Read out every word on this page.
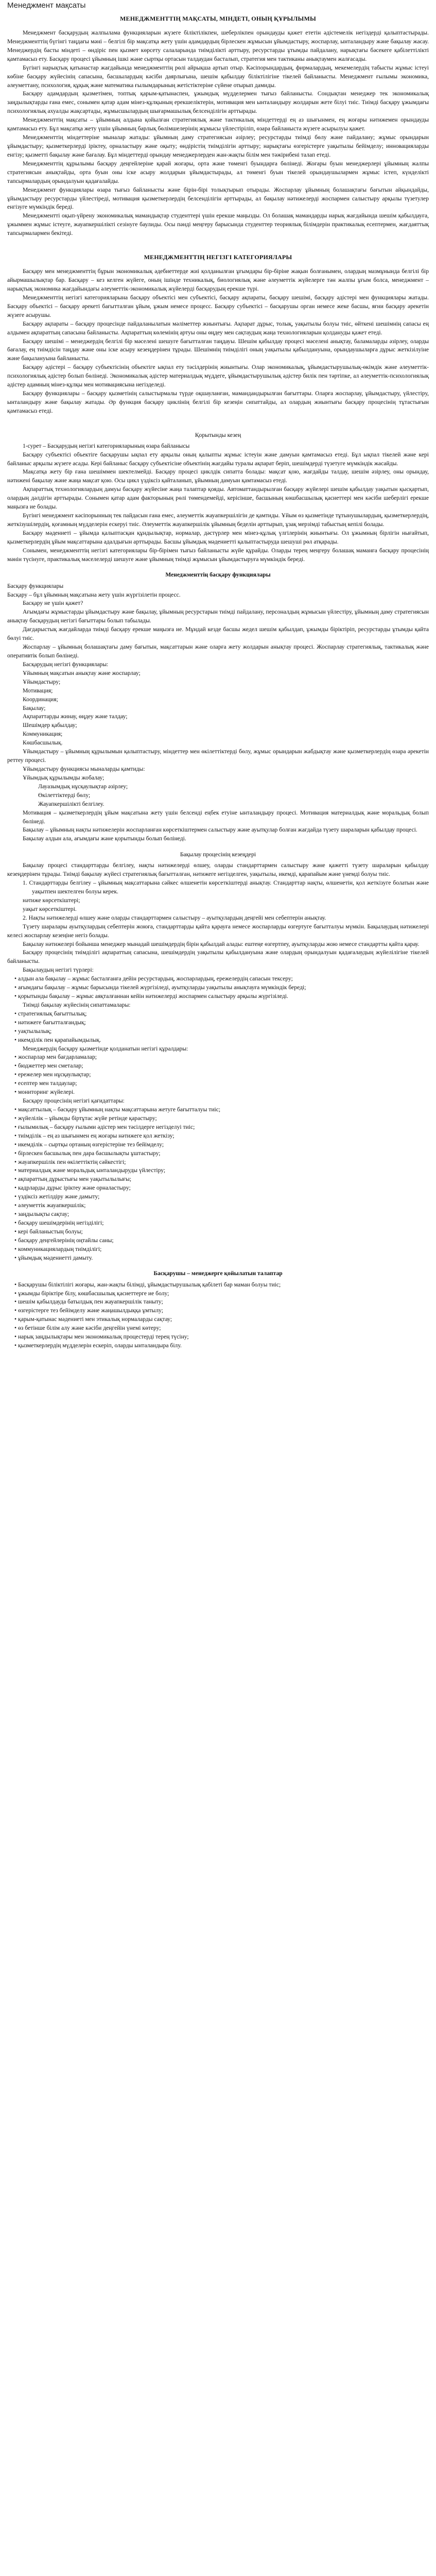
Менеджмент мақсаты
МЕНЕДЖМЕНТТІҢ МАҚСАТЫ, МІНДЕТІ, ОНЫҢ ҚҰРЫЛЫМЫ

Менеджмент басқарудың жалпылама функцияларын жүзеге біліктілікпен, шеберлікпен орындауды қажет ететін әдістемелік негіздерді қалыптастырады. Менеджменттің бүгінгі таңдағы мәні – белгілі бір мақсатқа жету үшін адамдардың бірлескен жұмысын ұйымдастыру, жоспарлау, ынталандыру және бақылау жасау. Менеджердің басты міндеті – өндіріс пен қызмет көрсету салаларында тиімділікті арттыру, ресурстарды ұтымды пайдалану, нарықтағы бәсекеге қабілеттілікті қамтамасыз ету. Басқару процесі ұйымның ішкі және сыртқы ортасын талдаудан басталып, стратегия мен тактиканы анықтаумен жалғасады.

Бүгінгі нарықтық қатынастар жағдайында менеджменттің рөлі айрықша артып отыр. Кәсіпорындардың, фирмалардың, мекемелердің табысты жұмыс істеуі көбіне басқару жүйесінің сапасына, басшылардың кәсіби даярлығына, шешім қабылдау біліктілігіне тікелей байланысты. Менеджмент ғылымы экономика, әлеуметтану, психология, құқық және математика ғылымдарының жетістіктеріне сүйене отырып дамиды.

Басқару адамдардың қызметімен, топтық қарым-қатынаспен, ұжымдық мүдделермен тығыз байланысты. Сондықтан менеджер тек экономикалық заңдылықтарды ғана емес, сонымен қатар адам мінез-құлқының ерекшеліктерін, мотивация мен ынталандыру жолдарын жете білуі тиіс. Тиімді басқару ұжымдағы психологиялық ахуалды жақсартады, жұмысшылардың шығармашылық белсенділігін арттырады.

Менеджменттің мақсаты – ұйымның алдына қойылған стратегиялық және тактикалық міндеттерді ең аз шығынмен, ең жоғары нәтижемен орындауды қамтамасыз ету. Бұл мақсатқа жету үшін ұйымның барлық бөлімшелерінің жұмысы үйлестіріліп, өзара байланыста жүзеге асырылуы қажет.

Менеджменттің міндеттеріне мыналар жатады: ұйымның даму стратегиясын әзірлеу; ресурстарды тиімді бөлу және пайдалану; жұмыс орындарын ұйымдастыру; қызметкерлерді іріктеу, орналастыру және оқыту; өндірістің тиімділігін арттыру; нарықтағы өзгерістерге уақытылы бейімделу; инновацияларды енгізу; қызметті бақылау және бағалау. Бұл міндеттерді орындау менеджерлерден жан-жақты білім мен тәжірибені талап етеді.

Менеджменттің құрылымы басқару деңгейлеріне қарай жоғары, орта және төменгі буындарға бөлінеді. Жоғары буын менеджерлері ұйымның жалпы стратегиясын анықтайды, орта буын оны іске асыру жолдарын ұйымдастырады, ал төменгі буын тікелей орындаушылармен жұмыс істеп, күнделікті тапсырмалардың орындалуын қадағалайды.

Менеджмент функциялары өзара тығыз байланысты және бірін-бірі толықтырып отырады. Жоспарлау ұйымның болашақтағы бағытын айқындайды, ұйымдастыру ресурстарды үйлестіреді, мотивация қызметкерлердің белсенділігін арттырады, ал бақылау нәтижелерді жоспармен салыстыру арқылы түзетулер енгізуге мүмкіндік береді.

Менеджментті оқып-үйрену экономикалық мамандықтар студенттері үшін ерекше маңызды. Ол болашақ мамандарды нарық жағдайында шешім қабылдауға, ұжыммен жұмыс істеуге, жауапкершілікті сезінуге баулиды. Осы пәнді меңгеру барысында студенттер теориялық білімдерін практикалық есептермен, жағдаяттық тапсырмалармен бекітеді.

МЕНЕДЖМЕНТТІҢ НЕГІЗГІ КАТЕГОРИЯЛАРЫ

Басқару мен менеджменттің бұрын экономикалық әдебиеттерде жиі қолданылған ұғымдары бір-біріне жақын болғанымен, олардың мазмұнында белгілі бір айырмашылықтар бар. Басқару – кез келген жүйеге, оның ішінде техникалық, биологиялық және әлеуметтік жүйелерге тән жалпы ұғым болса, менеджмент – нарықтық экономика жағдайындағы әлеуметтік-экономикалық жүйелерді басқарудың ерекше түрі.

Менеджменттің негізгі категорияларына басқару объектісі мен субъектісі, басқару ақпараты, басқару шешімі, басқару әдістері мен функциялары жатады. Басқару объектісі – басқару әрекеті бағытталған ұйым, ұжым немесе процесс. Басқару субъектісі – басқарушы орган немесе жеке басшы, яғни басқару әрекетін жүзеге асырушы.

Басқару ақпараты – басқару процесінде пайдаланылатын мәліметтер жиынтығы. Ақпарат дұрыс, толық, уақытылы болуы тиіс, өйткені шешімнің сапасы ең алдымен ақпараттың сапасына байланысты. Ақпараттың көлемінің артуы оны өңдеу мен сақтаудың жаңа технологияларын қолдануды қажет етеді.

Басқару шешімі – менеджердің белгілі бір мәселені шешуге бағытталған таңдауы. Шешім қабылдау процесі мәселені анықтау, баламаларды әзірлеу, оларды бағалау, ең тиімдісін таңдау және оны іске асыру кезеңдерінен тұрады. Шешімнің тиімділігі оның уақытылы қабылдануына, орындаушыларға дұрыс жеткізілуіне және бақылануына байланысты.

Басқару әдістері – басқару субъектісінің объектіге ықпал ету тәсілдерінің жиынтығы. Олар экономикалық, ұйымдастырушылық-өкімдік және әлеуметтік-психологиялық әдістер болып бөлінеді. Экономикалық әдістер материалдық мүддеге, ұйымдастырушылық әдістер билік пен тәртіпке, ал әлеуметтік-психологиялық әдістер адамның мінез-құлқы мен мотивациясына негізделеді.

Басқару функциялары – басқару қызметінің салыстырмалы түрде оқшауланған, мамандандырылған бағыттары. Оларға жоспарлау, ұйымдастыру, үйлестіру, ынталандыру және бақылау жатады. Әр функция басқару циклінің белгілі бір кезеңін сипаттайды, ал олардың жиынтығы басқару процесінің тұтастығын қамтамасыз етеді.

Қорытынды кезең

1-сурет – Басқарудың негізгі категорияларының өзара байланысы

Басқару субъектісі объектіге басқарушы ықпал ету арқылы оның қалыпты жұмыс істеуін және дамуын қамтамасыз етеді. Бұл ықпал тікелей және кері байланыс арқылы жүзеге асады. Кері байланыс басқару субъектісіне объектінің жағдайы туралы ақпарат беріп, шешімдерді түзетуге мүмкіндік жасайды.

Мақсатқа жету бір ғана шешіммен шектелмейді. Басқару процесі циклдік сипатта болады: мақсат қою, жағдайды талдау, шешім әзірлеу, оны орындау, нәтижені бақылау және жаңа мақсат қою. Осы цикл үздіксіз қайталанып, ұйымның дамуын қамтамасыз етеді.

Ақпараттық технологиялардың дамуы басқару жүйесіне жаңа талаптар қояды. Автоматтандырылған басқару жүйелері шешім қабылдау уақытын қысқартып, олардың дәлдігін арттырады. Сонымен қатар адам факторының рөлі төмендемейді, керісінше, басшының көшбасшылық қасиеттері мен кәсіби шеберлігі ерекше маңызға ие болады.

Бүгінгі менеджмент кәсіпорынның тек пайдасын ғана емес, әлеуметтік жауапкершілігін де қамтиды. Ұйым өз қызметінде тұтынушылардың, қызметкерлердің, жеткізушілердің, қоғамның мүдделерін ескеруі тиіс. Әлеуметтік жауапкершілік ұйымның беделін арттырып, ұзақ мерзімді табыстың кепілі болады.

Басқару мәдениеті – ұйымда қалыптасқан құндылықтар, нормалар, дәстүрлер мен мінез-құлық үлгілерінің жиынтығы. Ол ұжымның бірлігін нығайтып, қызметкерлердің ұйым мақсаттарына адалдығын арттырады. Басшы ұйымдық мәдениетті қалыптастыруда шешуші рөл атқарады.

Сонымен, менеджменттің негізгі категориялары бір-бірімен тығыз байланысты жүйе құрайды. Оларды терең меңгеру болашақ маманға басқару процесінің мәнін түсінуге, практикалық мәселелерді шешуге және ұйымның тиімді жұмысын ұйымдастыруға мүмкіндік береді.

Менеджменттің басқару функциялары

Басқару функциялары

Басқару – бұл ұйымның мақсатына жету үшін жүргізілетін процесс.

Басқару не үшін қажет?

Ағымдағы жұмыстарды ұйымдастыру және бақылау, ұйымның ресурстарын тиімді пайдалану, персоналдың жұмысын үйлестіру, ұйымның даму стратегиясын анықтау басқарудың негізгі бағыттары болып табылады.

Дағдарыстық жағдайларда тиімді басқару ерекше маңызға ие. Мұндай кезде басшы жедел шешім қабылдап, ұжымды біріктіріп, ресурстарды ұтымды қайта бөлуі тиіс.

Жоспарлау – ұйымның болашақтағы даму бағытын, мақсаттарын және оларға жету жолдарын анықтау процесі. Жоспарлау стратегиялық, тактикалық және оперативтік болып бөлінеді.

Басқарудың негізгі функциялары:

Ұйымның мақсатын анықтау және жоспарлау;

Ұйымдастыру;

Мотивация;

Координация;

Бақылау;

Ақпараттарды жинау, өңдеу және талдау;

Шешімдер қабылдау;

Коммуникация;

Көшбасшылық.

Ұйымдастыру – ұйымның құрылымын қалыптастыру, міндеттер мен өкілеттіктерді бөлу, жұмыс орындарын жабдықтау және қызметкерлердің өзара әрекетін реттеу процесі.

Ұйымдастыру функциясы мыналарды қамтиды:

Ұйымдық құрылымды жобалау;

Лауазымдық нұсқаулықтар әзірлеу;

Өкілеттіктерді бөлу;

Жауапкершілікті белгілеу.

Мотивация – қызметкерлердің ұйым мақсатына жету үшін белсенді еңбек етуіне ынталандыру процесі. Мотивация материалдық және моральдық болып бөлінеді.

Бақылау – ұйымның нақты нәтижелерін жоспарланған көрсеткіштермен салыстыру және ауытқулар болған жағдайда түзету шараларын қабылдау процесі.

Бақылау алдын ала, ағымдағы және қорытынды болып бөлінеді.

Бақылау процесінің кезеңдері

Бақылау процесі стандарттарды белгілеу, нақты нәтижелерді өлшеу, оларды стандарттармен салыстыру және қажетті түзету шараларын қабылдау кезеңдерінен тұрады. Тиімді бақылау жүйесі стратегиялық бағытталған, нәтижеге негізделген, уақытылы, икемді, қарапайым және үнемді болуы тиіс.

1. Стандарттарды белгілеу – ұйымның мақсаттарына сәйкес өлшенетін көрсеткіштерді анықтау. Стандарттар нақты, өлшенетін, қол жеткізуге болатын және уақытпен шектелген болуы керек.

нәтиже көрсеткіштері;

уақыт көрсеткіштері.

2. Нақты нәтижелерді өлшеу және оларды стандарттармен салыстыру – ауытқулардың деңгейі мен себептерін анықтау.

Түзету шаралары ауытқулардың себептерін жоюға, стандарттарды қайта қарауға немесе жоспарларды өзгертуге бағытталуы мүмкін. Бақылаудың нәтижелері келесі жоспарлау кезеңіне негіз болады.

Бақылау нәтижелері бойынша менеджер мынадай шешімдердің бірін қабылдай алады: ештеңе өзгертпеу, ауытқуларды жою немесе стандартты қайта қарау.

Басқару процесінің тиімділігі ақпараттың сапасына, шешімдердің уақытылы қабылдануына және олардың орындалуын қадағалаудың жүйелілігіне тікелей байланысты.

Бақылаудың негізгі түрлері:

• алдын ала бақылау – жұмыс басталғанға дейін ресурстардың, жоспарлардың, ережелердің сапасын тексеру;

• ағымдағы бақылау – жұмыс барысында тікелей жүргізіледі, ауытқуларды уақытылы анықтауға мүмкіндік береді;

• қорытынды бақылау – жұмыс аяқталғаннан кейін нәтижелерді жоспармен салыстыру арқылы жүргізіледі.

Тиімді бақылау жүйесінің сипаттамалары:

• стратегиялық бағыттылық;

• нәтижеге бағытталғандық;

• уақтылылық;

• икемділік пен қарапайымдылық.

Менеджердің басқару қызметінде қолданатын негізгі құралдары:

• жоспарлар мен бағдарламалар;

• бюджеттер мен сметалар;

• ережелер мен нұсқаулықтар;

• есептер мен талдаулар;

• мониторинг жүйелері.

Басқару процесінің негізгі қағидаттары:

• мақсаттылық – басқару ұйымның нақты мақсаттарына жетуге бағытталуы тиіс;

• жүйелілік – ұйымды біртұтас жүйе ретінде қарастыру;

• ғылымилық – басқару ғылыми әдістер мен тәсілдерге негізделуі тиіс;

• тиімділік – ең аз шығынмен ең жоғары нәтижеге қол жеткізу;

• икемділік – сыртқы ортаның өзгерістеріне тез бейімделу;

• бірлескен басшылық пен дара басшылықты ұштастыру;

• жауапкершілік пен өкілеттіктің сәйкестігі;

• материалдық және моральдық ынталандыруды үйлестіру;

• ақпараттың дұрыстығы мен уақытылылығы;

• кадрларды дұрыс іріктеу және орналастыру;

• үздіксіз жетілдіру және дамыту;

• әлеуметтік жауапкершілік;

• заңдылықты сақтау;

• басқару шешімдерінің негізділігі;

• кері байланыстың болуы;

• басқару деңгейлерінің оңтайлы саны;

• коммуникациялардың тиімділігі;

• ұйымдық мәдениетті дамыту.

Басқарушы – менеджерге қойылатын талаптар

• Басқарушы біліктілігі жоғары, жан-жақты білімді, ұйымдастырушылық қабілеті бар маман болуы тиіс;

• ұжымды біріктіре білу, көшбасшылық қасиеттерге ие болу;

• шешім қабылдауда батылдық пен жауапкершілік таныту;

• өзгерістерге тез бейімделу және жаңашылдыққа ұмтылу;

• қарым-қатынас мәдениеті мен этикалық нормаларды сақтау;

• өз бетінше білім алу және кәсіби деңгейін үнемі көтеру;

• нарық заңдылықтары мен экономикалық процестерді терең түсіну;

• қызметкерлердің мүдделерін ескеріп, оларды ынталандыра білу.
